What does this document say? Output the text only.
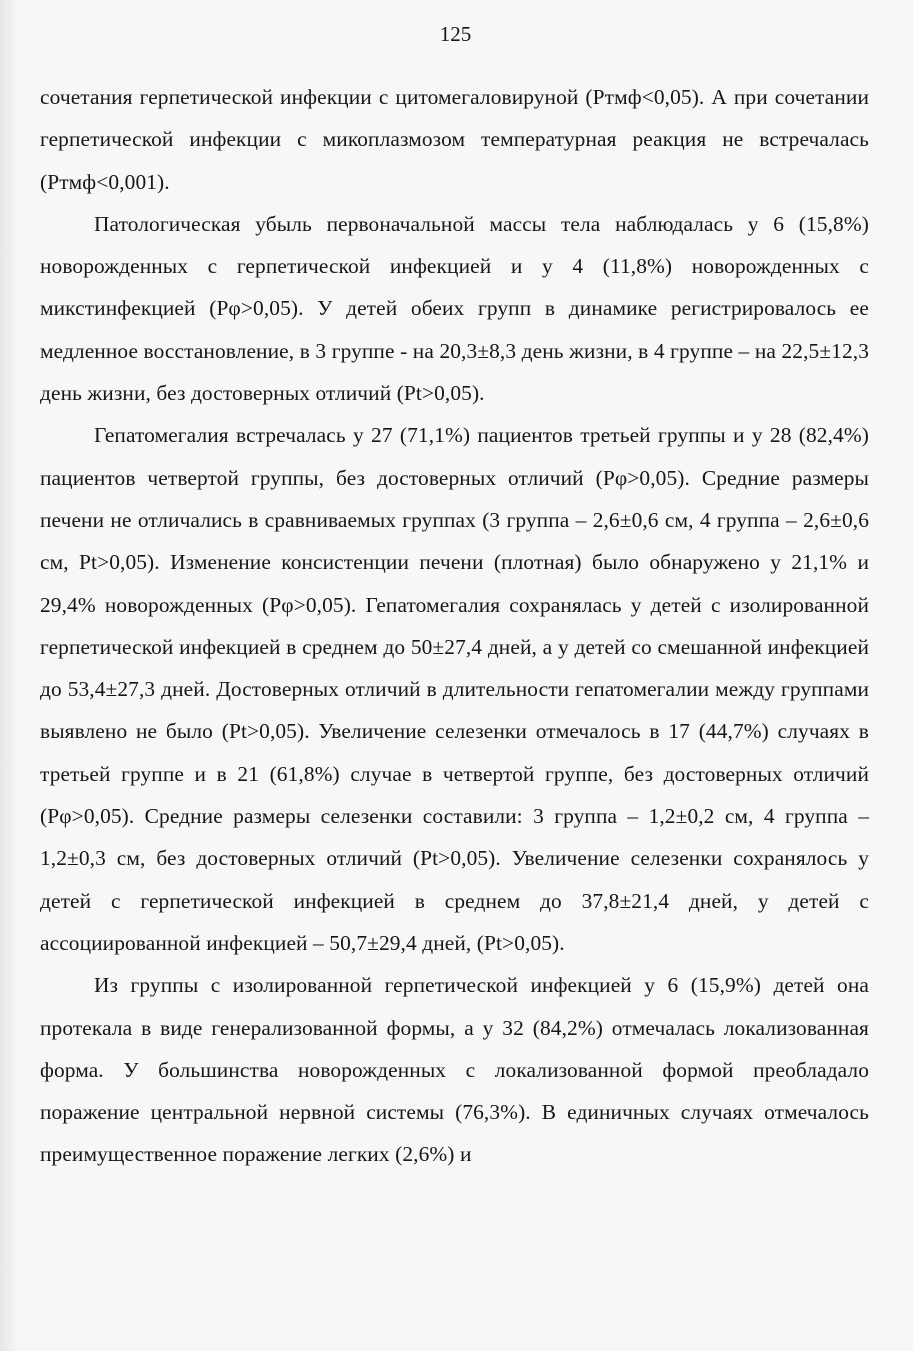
125

сочетания герпетической инфекции с цитомегаловируной (Ртмф<0,05). А при сочетании герпетической инфекции с микоплазмозом температурная реакция не встречалась (Ртмф<0,001).

Патологическая убыль первоначальной массы тела наблюдалась у 6 (15,8%) новорожденных с герпетической инфекцией и у 4 (11,8%) новорожденных с микстинфекцией (Рφ>0,05). У детей обеих групп в динамике регистрировалось ее медленное восстановление, в 3 группе - на 20,3±8,3 день жизни, в 4 группе – на 22,5±12,3 день жизни, без достоверных отличий (Pt>0,05).

Гепатомегалия встречалась у 27 (71,1%) пациентов третьей группы и у 28 (82,4%) пациентов четвертой группы, без достоверных отличий (Рφ>0,05). Средние размеры печени не отличались в сравниваемых группах (3 группа – 2,6±0,6 см, 4 группа – 2,6±0,6 см, Pt>0,05). Изменение консистенции печени (плотная) было обнаружено у 21,1% и 29,4% новорожденных (Рφ>0,05). Гепатомегалия сохранялась у детей с изолированной герпетической инфекцией в среднем до 50±27,4 дней, а у детей со смешанной инфекцией до 53,4±27,3 дней. Достоверных отличий в длительности гепатомегалии между группами выявлено не было (Pt>0,05). Увеличение селезенки отмечалось в 17 (44,7%) случаях в третьей группе и в 21 (61,8%) случае в четвертой группе, без достоверных отличий (Рφ>0,05). Средние размеры селезенки составили: 3 группа – 1,2±0,2 см, 4 группа – 1,2±0,3 см, без достоверных отличий (Pt>0,05). Увеличение селезенки сохранялось у детей с герпетической инфекцией в среднем до 37,8±21,4 дней, у детей с ассоциированной инфекцией – 50,7±29,4 дней, (Pt>0,05).

Из группы с изолированной герпетической инфекцией у 6 (15,9%) детей она протекала в виде генерализованной формы, а у 32 (84,2%) отмечалась локализованная форма. У большинства новорожденных с локализованной формой преобладало поражение центральной нервной системы (76,3%). В единичных случаях отмечалось преимущественное поражение легких (2,6%) и
